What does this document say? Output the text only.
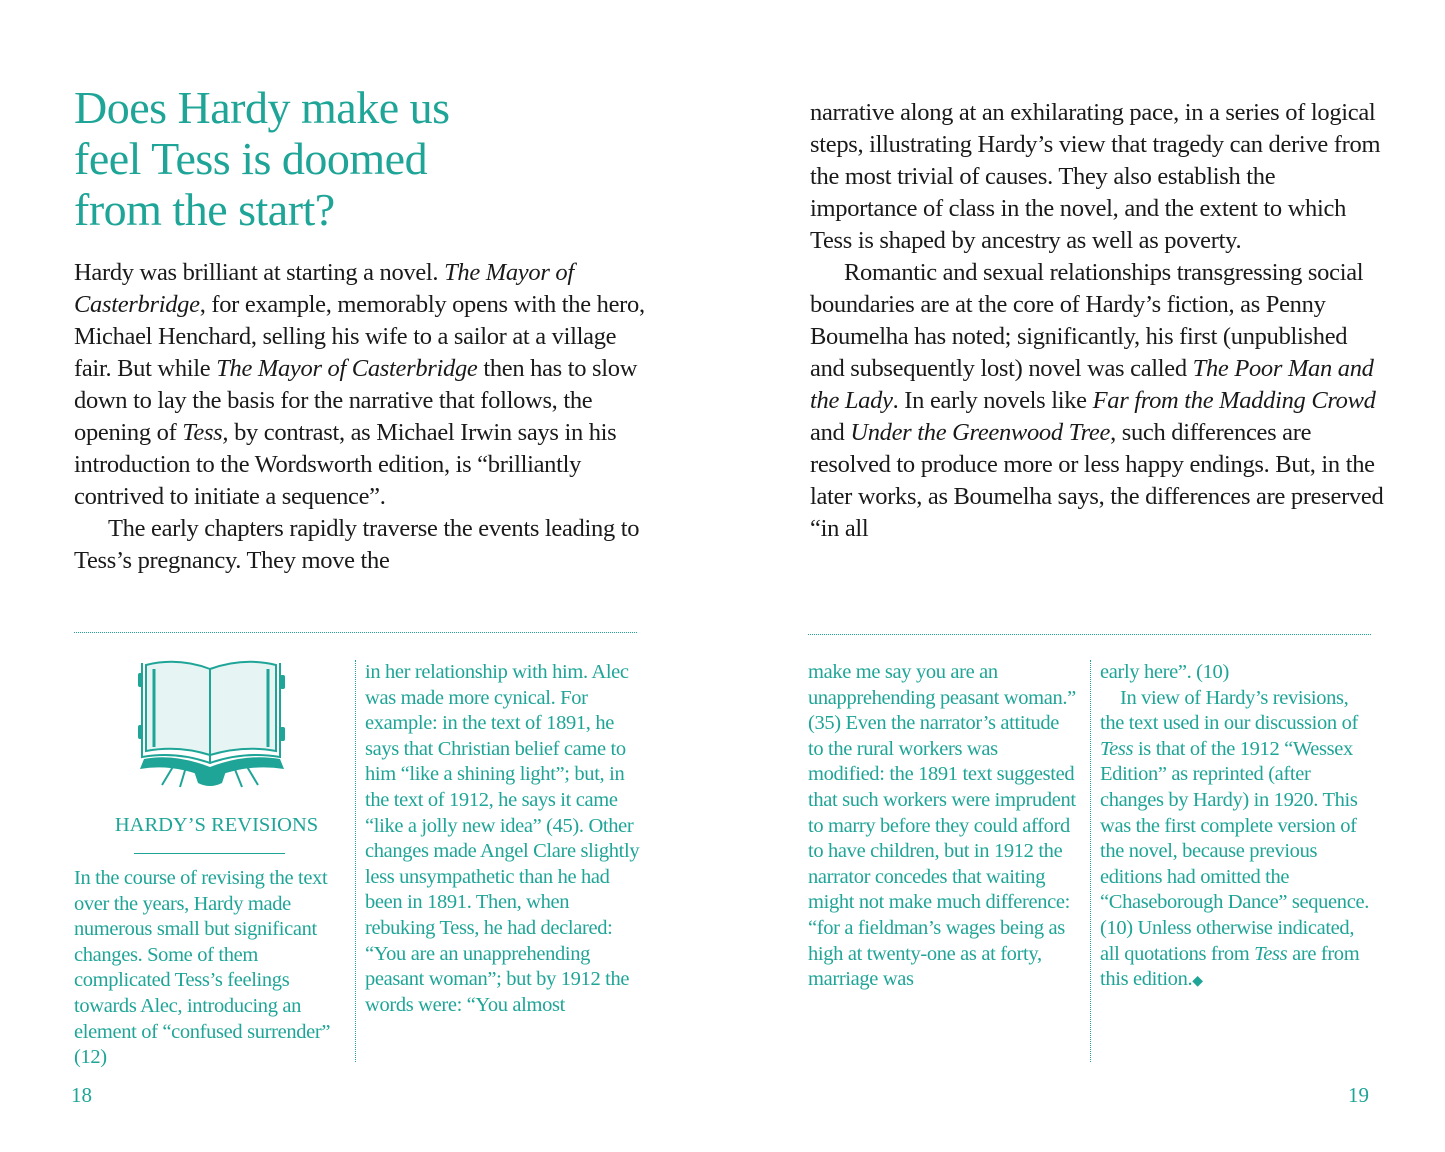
Does Hardy make us
feel Tess is doomed
from the start?

Hardy was brilliant at starting a novel. The Mayor of Casterbridge, for example, memorably opens with the hero, Michael Henchard, selling his wife to a sailor at a village fair. But while The Mayor of Casterbridge then has to slow down to lay the basis for the narrative that follows, the opening of Tess, by contrast, as Michael Irwin says in his introduction to the Wordsworth edition, is “brilliantly contrived to initiate a sequence”.

The early chapters rapidly traverse the events leading to Tess’s pregnancy. They move the

narrative along at an exhilarating pace, in a series of logical steps, illustrating Hardy’s view that tragedy can derive from the most trivial of causes. They also establish the importance of class in the novel, and the extent to which Tess is shaped by ancestry as well as poverty.

Romantic and sexual relationships transgressing social boundaries are at the core of Hardy’s fiction, as Penny Boumelha has noted; significantly, his first (unpublished and subsequently lost) novel was called The Poor Man and the Lady. In early novels like Far from the Madding Crowd and Under the Greenwood Tree, such differences are resolved to produce more or less happy endings. But, in the later works, as Boumelha says, the differences are preserved “in all

HARDY’S REVISIONS

In the course of revising the text over the years, Hardy made numerous small but significant changes. Some of them complicated Tess’s feelings towards Alec, introducing an element of “confused surrender” (12)

in her relationship with him. Alec was made more cynical. For example: in the text of 1891, he says that Christian belief came to him “like a shining light”; but, in the text of 1912, he says it came “like a jolly new idea” (45). Other changes made Angel Clare slightly less unsympathetic than he had been in 1891. Then, when rebuking Tess, he had declared: “You are an unapprehending peasant woman”; but by 1912 the words were: “You almost

make me say you are an unapprehending peasant woman.” (35) Even the narrator’s attitude to the rural workers was modified: the 1891 text suggested that such workers were imprudent to marry before they could afford to have children, but in 1912 the narrator concedes that waiting might not make much difference: “for a fieldman’s wages being as high at twenty-one as at forty, marriage was

early here”. (10)

In view of Hardy’s revisions, the text used in our discussion of Tess is that of the 1912 “Wessex Edition” as reprinted (after changes by Hardy) in 1920. This was the first complete version of the novel, because previous editions had omitted the “Chaseborough Dance” sequence. (10) Unless otherwise indicated, all quotations from Tess are from this edition.◆

18	19
